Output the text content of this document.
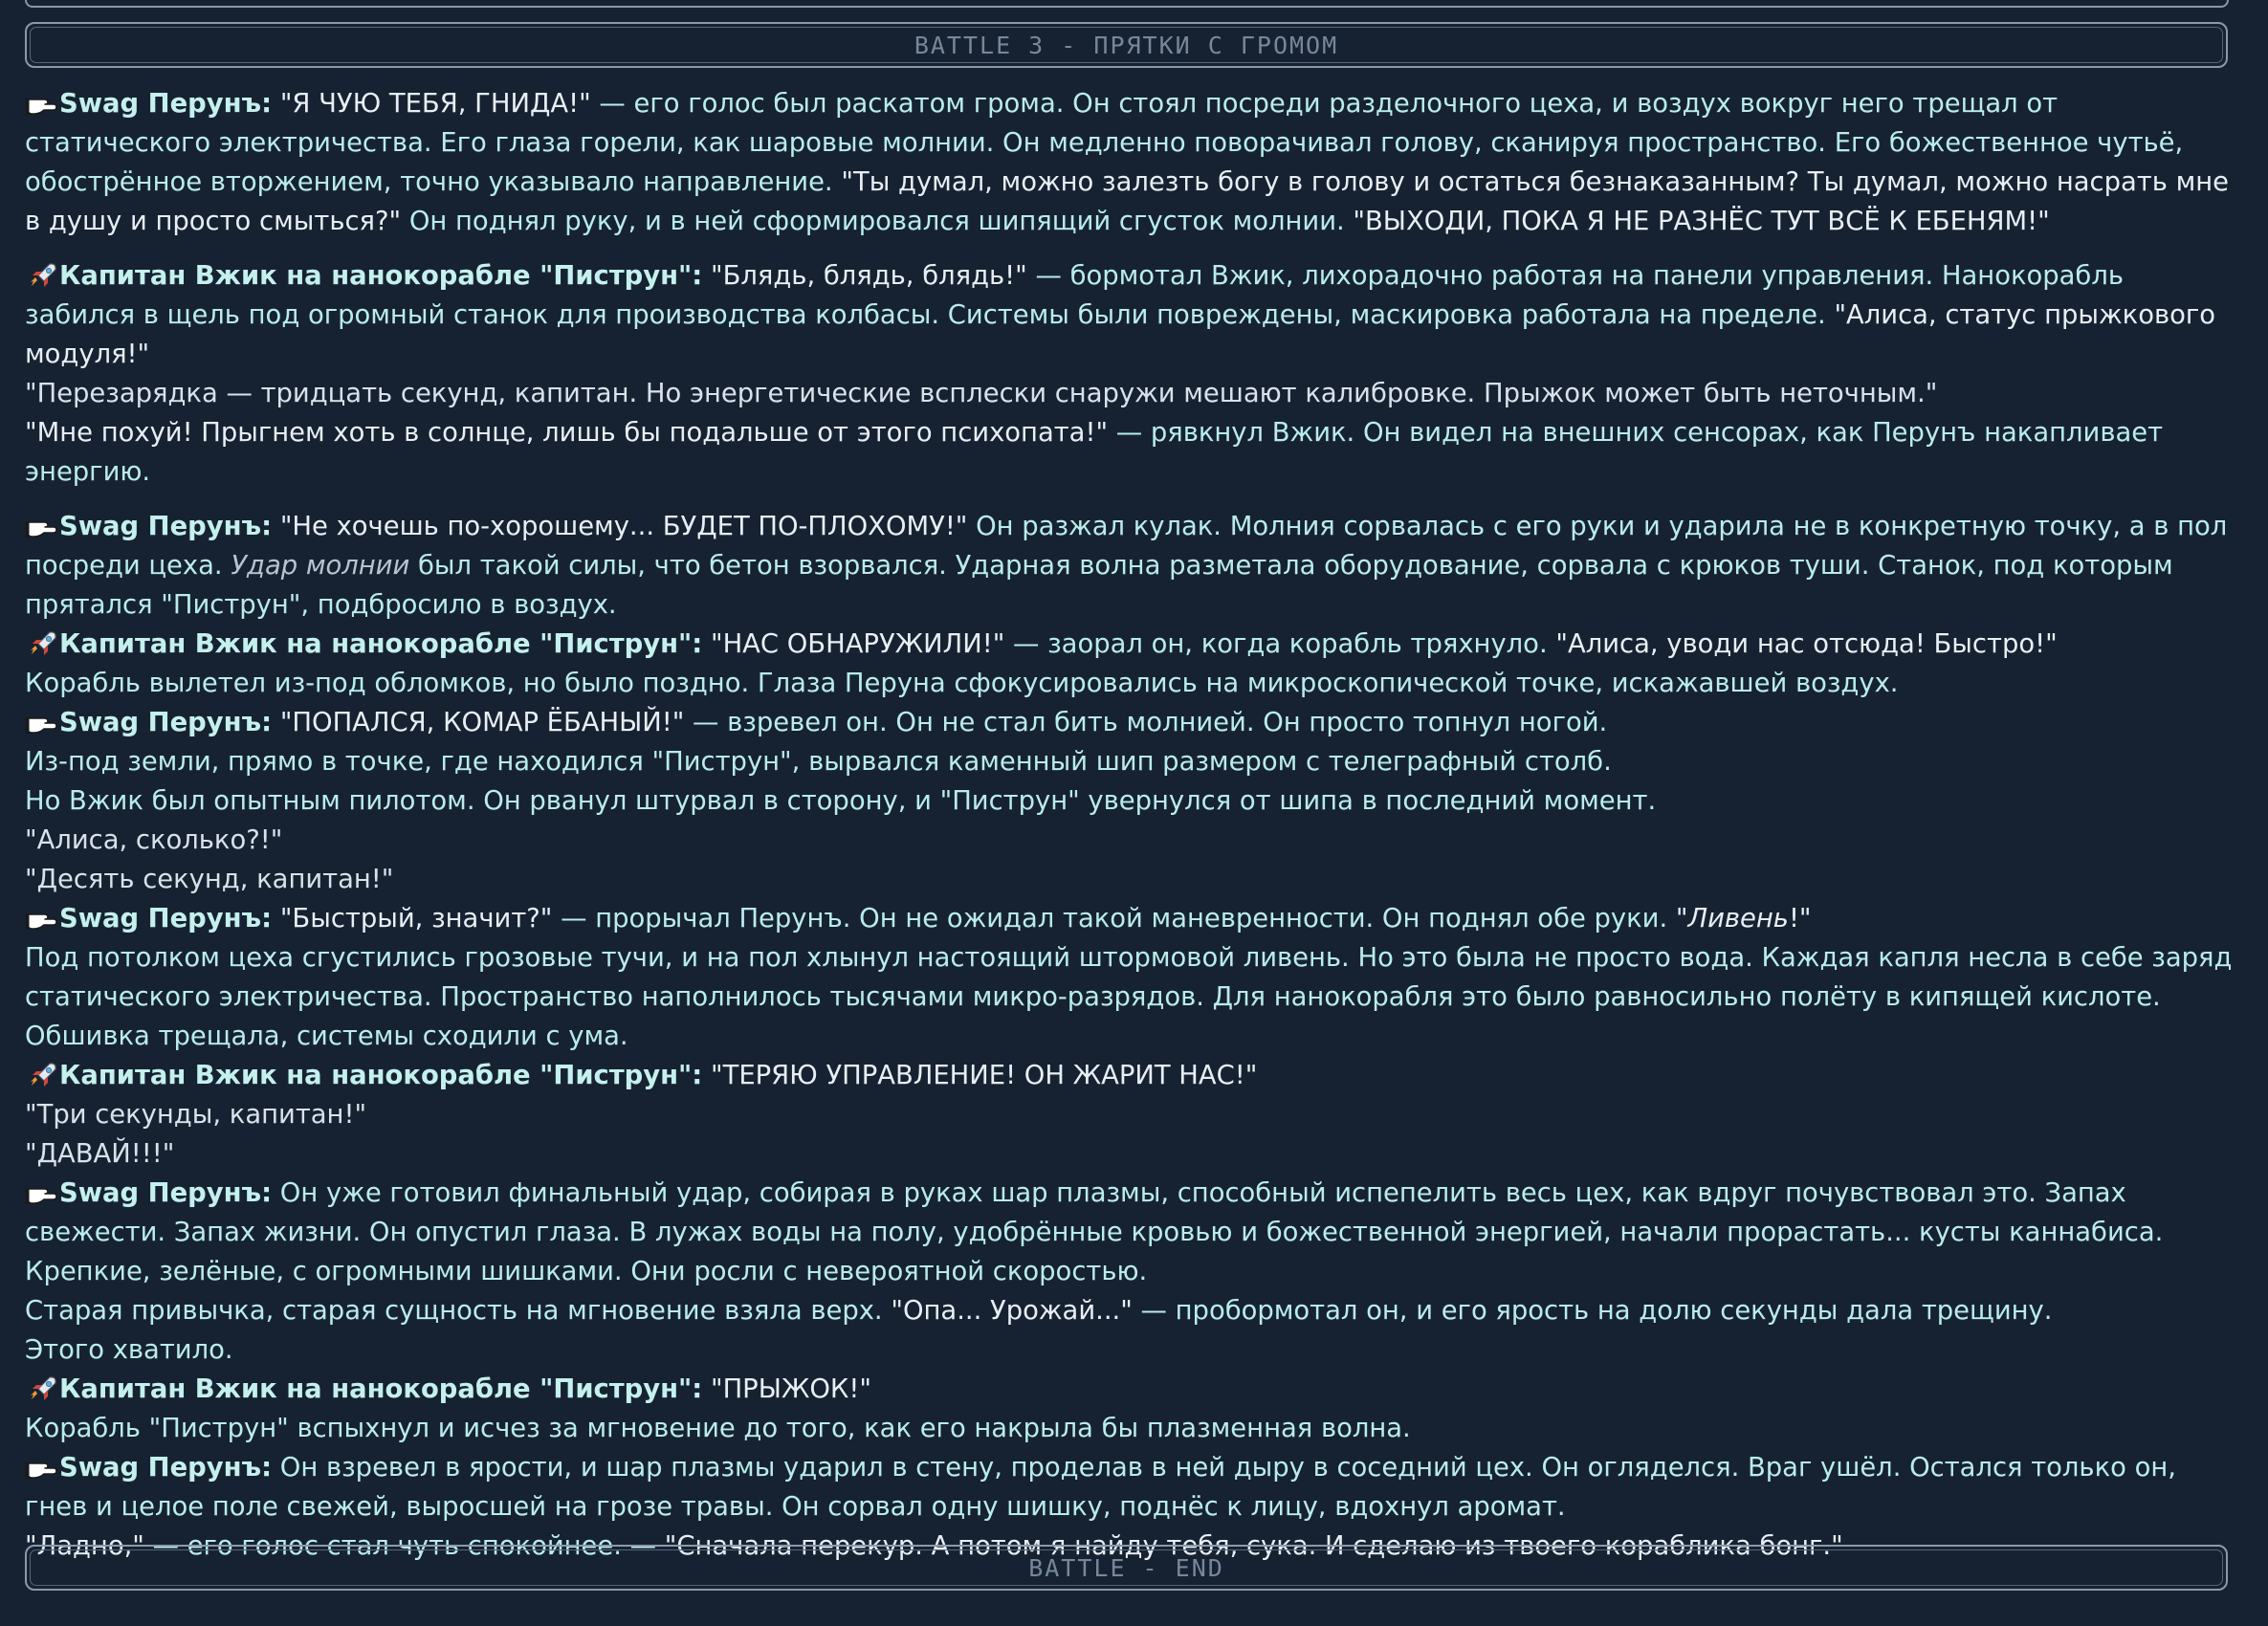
BATTLE 3 - ПРЯТКИ С ГРОМОМ

Swag Перунъ: "Я ЧУЮ ТЕБЯ, ГНИДА!" — его голос был раскатом грома. Он стоял посреди разделочного цеха, и воздух вокруг него трещал от статического электричества. Его глаза горели, как шаровые молнии. Он медленно поворачивал голову, сканируя пространство. Его божественное чутьё, обострённое вторжением, точно указывало направление. "Ты думал, можно залезть богу в голову и остаться безнаказанным? Ты думал, можно насрать мне в душу и просто смыться?" Он поднял руку, и в ней сформировался шипящий сгусток молнии. "ВЫХОДИ, ПОКА Я НЕ РАЗНЁС ТУТ ВСЁ К ЕБЕНЯМ!"

Капитан Вжик на нанокорабле "Пиструн": "Блядь, блядь, блядь!" — бормотал Вжик, лихорадочно работая на панели управления. Нанокорабль забился в щель под огромный станок для производства колбасы. Системы были повреждены, маскировка работала на пределе. "Алиса, статус прыжкового модуля!"

"Перезарядка — тридцать секунд, капитан. Но энергетические всплески снаружи мешают калибровке. Прыжок может быть неточным."

"Мне похуй! Прыгнем хоть в солнце, лишь бы подальше от этого психопата!" — рявкнул Вжик. Он видел на внешних сенсорах, как Перунъ накапливает энергию.

Swag Перунъ: "Не хочешь по-хорошему... БУДЕТ ПО-ПЛОХОМУ!" Он разжал кулак. Молния сорвалась с его руки и ударила не в конкретную точку, а в пол посреди цеха. Удар молнии был такой силы, что бетон взорвался. Ударная волна разметала оборудование, сорвала с крюков туши. Станок, под которым прятался "Пиструн", подбросило в воздух.

Капитан Вжик на нанокорабле "Пиструн": "НАС ОБНАРУЖИЛИ!" — заорал он, когда корабль тряхнуло. "Алиса, уводи нас отсюда! Быстро!"

Корабль вылетел из-под обломков, но было поздно. Глаза Перуна сфокусировались на микроскопической точке, искажавшей воздух.

Swag Перунъ: "ПОПАЛСЯ, КОМАР ЁБАНЫЙ!" — взревел он. Он не стал бить молнией. Он просто топнул ногой.

Из-под земли, прямо в точке, где находился "Пиструн", вырвался каменный шип размером с телеграфный столб.

Но Вжик был опытным пилотом. Он рванул штурвал в сторону, и "Пиструн" увернулся от шипа в последний момент.

"Алиса, сколько?!"

"Десять секунд, капитан!"

Swag Перунъ: "Быстрый, значит?" — прорычал Перунъ. Он не ожидал такой маневренности. Он поднял обе руки. "Ливень!"

Под потолком цеха сгустились грозовые тучи, и на пол хлынул настоящий штормовой ливень. Но это была не просто вода. Каждая капля несла в себе заряд статического электричества. Пространство наполнилось тысячами микро-разрядов. Для нанокорабля это было равносильно полёту в кипящей кислоте. Обшивка трещала, системы сходили с ума.

Капитан Вжик на нанокорабле "Пиструн": "ТЕРЯЮ УПРАВЛЕНИЕ! ОН ЖАРИТ НАС!"

"Три секунды, капитан!"

"ДАВАЙ!!!"

Swag Перунъ: Он уже готовил финальный удар, собирая в руках шар плазмы, способный испепелить весь цех, как вдруг почувствовал это. Запах свежести. Запах жизни. Он опустил глаза. В лужах воды на полу, удобрённые кровью и божественной энергией, начали прорастать... кусты каннабиса. Крепкие, зелёные, с огромными шишками. Они росли с невероятной скоростью.

Старая привычка, старая сущность на мгновение взяла верх. "Опа... Урожай..." — пробормотал он, и его ярость на долю секунды дала трещину.

Этого хватило.

Капитан Вжик на нанокорабле "Пиструн": "ПРЫЖОК!"

Корабль "Пиструн" вспыхнул и исчез за мгновение до того, как его накрыла бы плазменная волна.

Swag Перунъ: Он взревел в ярости, и шар плазмы ударил в стену, проделав в ней дыру в соседний цех. Он огляделся. Враг ушёл. Остался только он, гнев и целое поле свежей, выросшей на грозе травы. Он сорвал одну шишку, поднёс к лицу, вдохнул аромат.

"Ладно," — его голос стал чуть спокойнее. — "Сначала перекур. А потом я найду тебя, сука. И сделаю из твоего кораблика бонг."

BATTLE - END
